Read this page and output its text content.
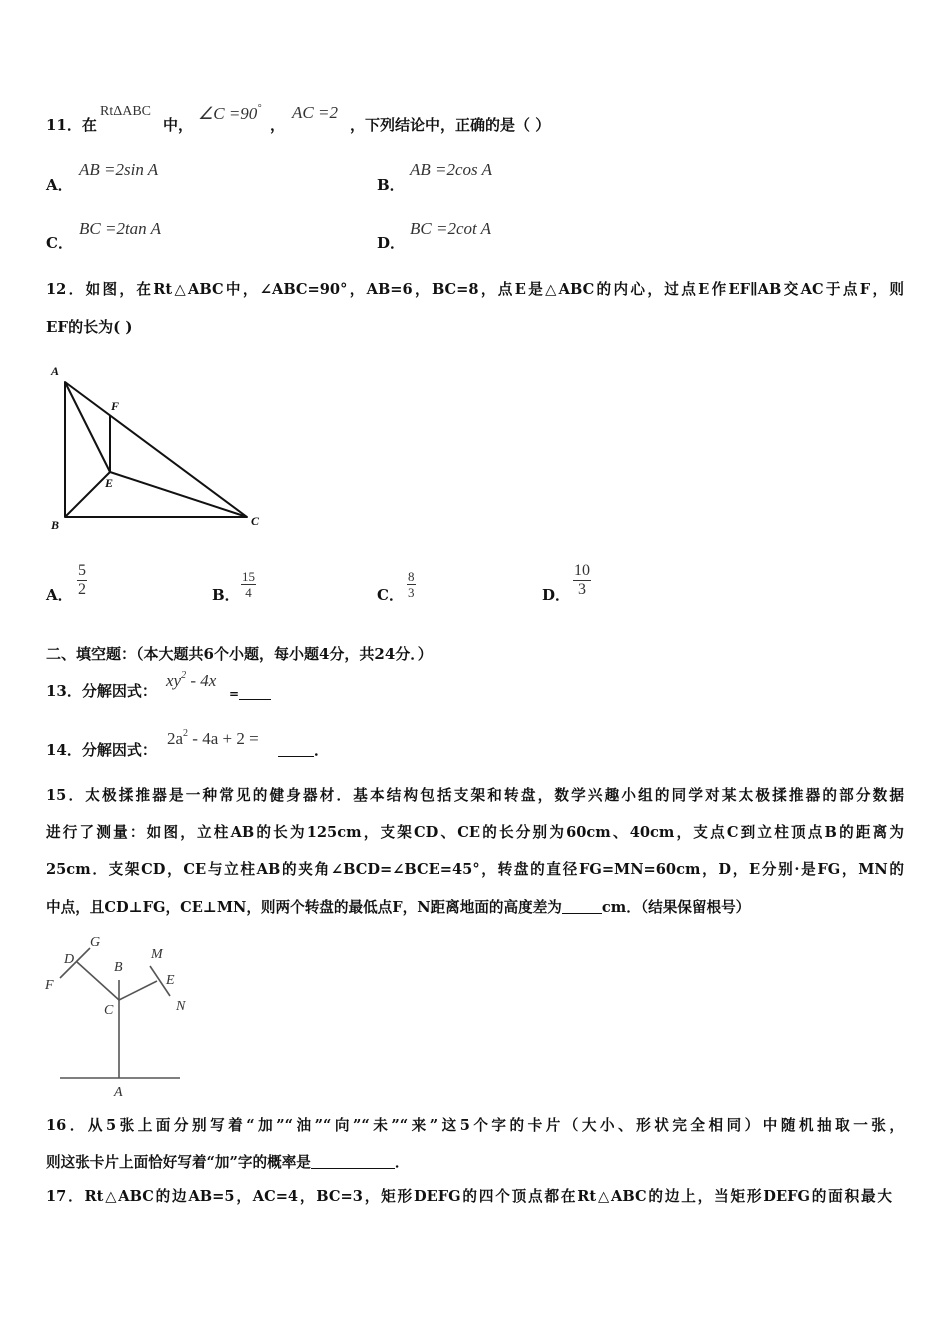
11．在
RtΔABC
中，
∠C =90°
，
AC =2
，下列结论中，正确的是（ ）
A．
AB =2sin A
B．
AB =2cos A
C．
BC =2tan A
D．
BC =2cot A
12．如图，在Rt△ABC中，∠ABC=90°，AB=6，BC=8，点E是△ABC的内心，过点E作EF∥AB交AC于点F，则
EF的长为( )
A
F
E
B	C
A． $\frac{5}{2}$	B． $\frac{15}{4}$	C． $\frac{8}{3}$	D． $\frac{10}{3}$
二、填空题：（本大题共6个小题，每小题4分，共24分．）
13．分解因式：
$xy^2 - 4x$
=
14．分解因式：
$2a^2 - 4a + 2$ =
．
15．太极揉推器是一种常见的健身器材．基本结构包括支架和转盘，数学兴趣小组的同学对某太极揉推器的部分数据
进行了测量：如图，立柱AB的长为125cm，支架CD、CE的长分别为60cm、40cm，支点C到立柱顶点B的距离为
25cm．支架CD，CE与立柱AB的夹角∠BCD=∠BCE=45°，转盘的直径FG=MN=60cm，D，E分别·是FG，MN的
中点，且CD⊥FG，CE⊥MN，则两个转盘的最低点F，N距离地面的高度差为	cm．（结果保留根号）
G
D
F
B
C
M
E
N
A
16．从5张上面分别写着“加”“油”“向”“未”“来”这5个字的卡片（大小、形状完全相同）中随机抽取一张，
则这张卡片上面恰好写着“加”字的概率是	．
17．Rt△ABC的边AB=5，AC=4，BC=3，矩形DEFG的四个顶点都在Rt△ABC的边上，当矩形DEFG的面积最大
